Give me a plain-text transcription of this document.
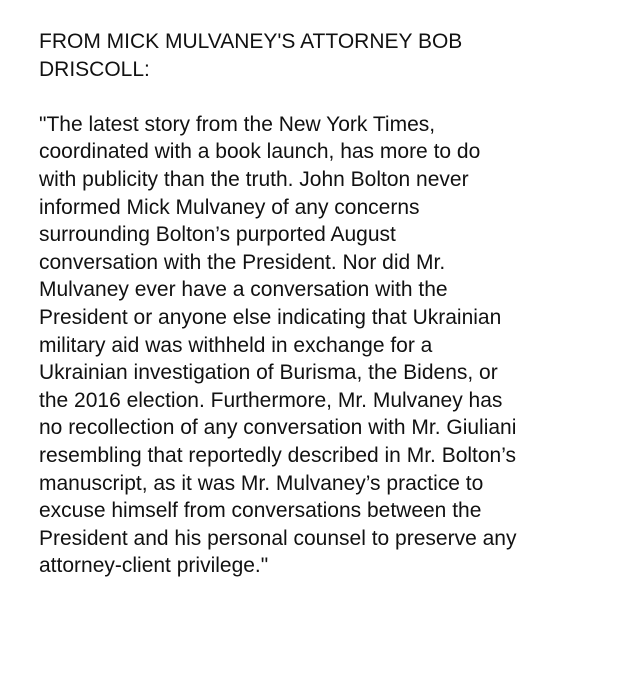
FROM MICK MULVANEY'S ATTORNEY BOB
DRISCOLL:
"The latest story from the New York Times,
coordinated with a book launch, has more to do
with publicity than the truth. John Bolton never
informed Mick Mulvaney of any concerns
surrounding Bolton’s purported August
conversation with the President. Nor did Mr.
Mulvaney ever have a conversation with the
President or anyone else indicating that Ukrainian
military aid was withheld in exchange for a
Ukrainian investigation of Burisma, the Bidens, or
the 2016 election. Furthermore, Mr. Mulvaney has
no recollection of any conversation with Mr. Giuliani
resembling that reportedly described in Mr. Bolton’s
manuscript, as it was Mr. Mulvaney’s practice to
excuse himself from conversations between the
President and his personal counsel to preserve any
attorney-client privilege."
